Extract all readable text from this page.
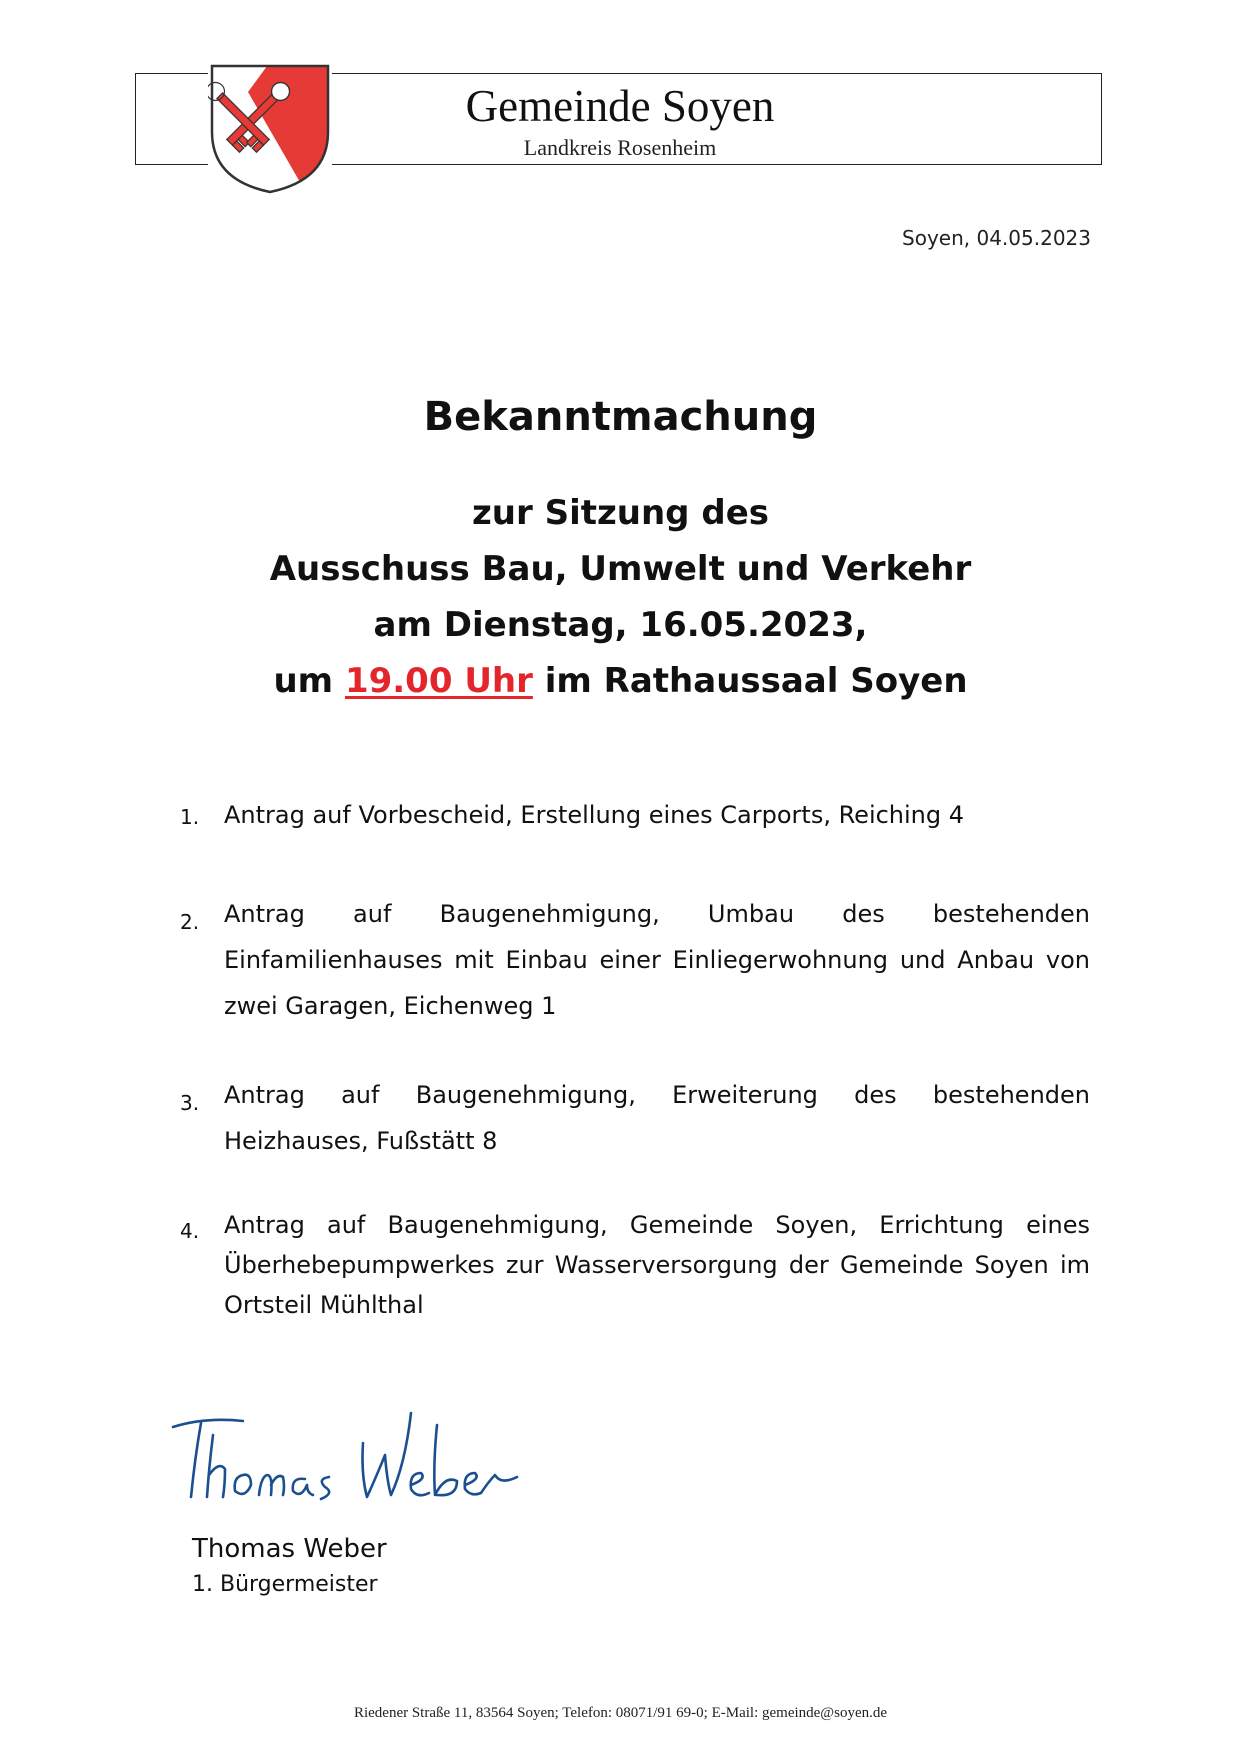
Gemeinde Soyen
Landkreis Rosenheim
Soyen, 04.05.2023
Bekanntmachung
zur Sitzung des
Ausschuss Bau, Umwelt und Verkehr
am Dienstag, 16.05.2023,
um 19.00 Uhr im Rathaussaal Soyen
1.	Antrag auf Vorbescheid, Erstellung eines Carports, Reiching 4
2.	Antrag auf Baugenehmigung, Umbau des bestehenden Einfamilienhauses mit Einbau einer Einliegerwohnung und Anbau von zwei Garagen, Eichenweg 1
3.	Antrag auf Baugenehmigung, Erweiterung des bestehenden Heizhauses, Fußstätt 8
4.	Antrag auf Baugenehmigung, Gemeinde Soyen, Errichtung eines Überhebepumpwerkes zur Wasserversorgung der Gemeinde Soyen im Ortsteil Mühlthal
Thomas Weber
1. Bürgermeister
Riedener Straße 11, 83564 Soyen; Telefon: 08071/91 69-0; E-Mail: gemeinde@soyen.de
